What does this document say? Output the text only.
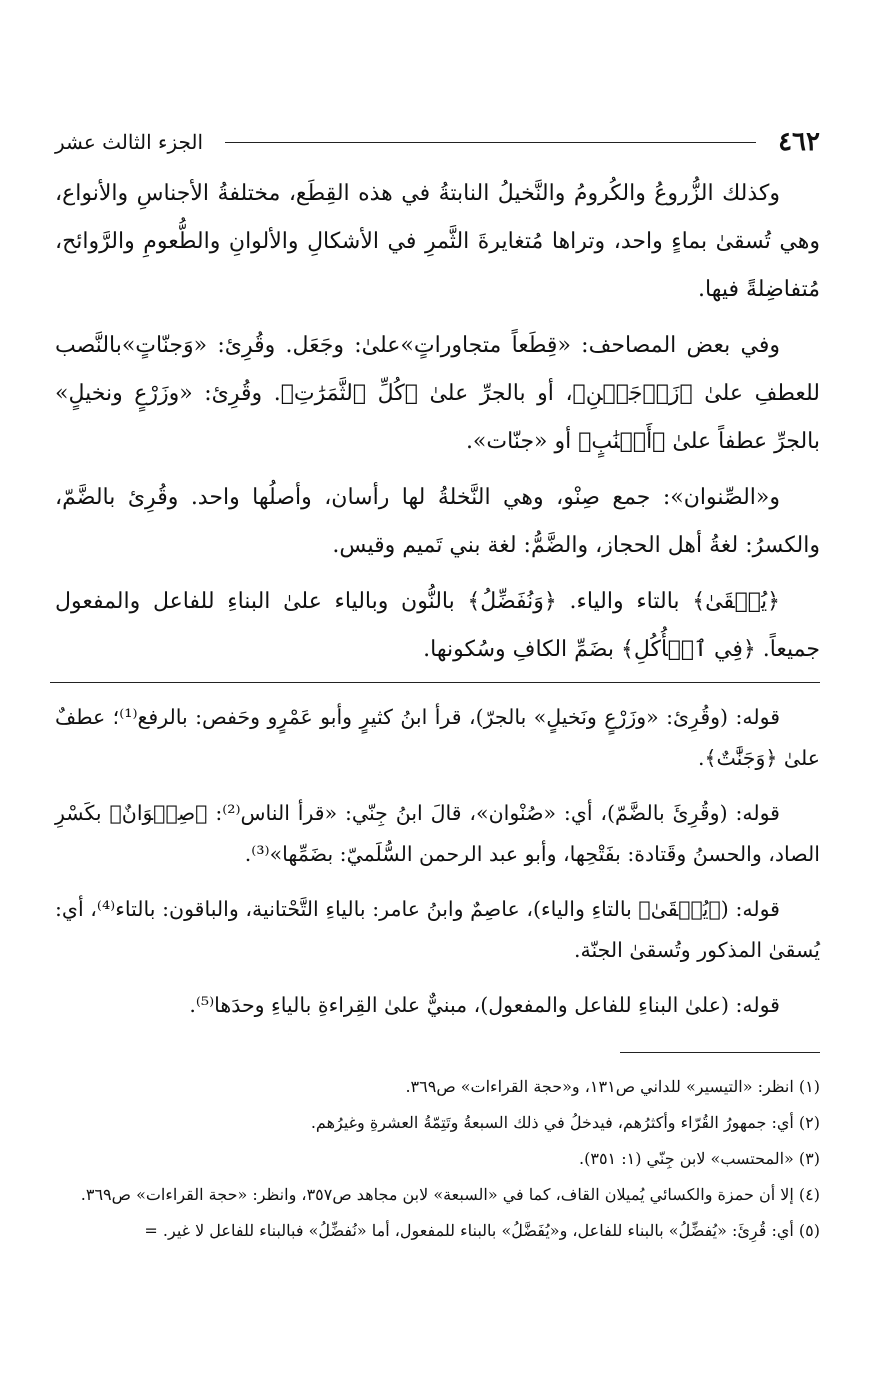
٤٦٢
الجزء الثالث عشر

وكذلك الزُّروعُ والكُرومُ والنَّخيلُ النابتةُ في هذه القِطَع، مختلفةُ الأجناسِ والأنواع، وهي تُسقىٰ بماءٍ واحد، وتراها مُتغايرةَ الثَّمرِ في الأشكالِ والألوانِ والطُّعومِ والرَّوائح، مُتفاضِلةً فيها.

وفي بعض المصاحف: «قِطَعاً متجاوراتٍ»علىٰ: وجَعَل. وقُرِئ: «وَجنّاتٍ»بالنَّصب للعطفِ علىٰ ﴿زَوۡجَيۡنِ﴾، أو بالجرِّ علىٰ ﴿كُلِّ ٱلثَّمَرَٰتِ﴾. وقُرِئ: «وزَرْعٍ ونخيلٍ» بالجرِّ عطفاً علىٰ ﴿أَعۡنَٰبٍ﴾ أو «جنّات».

و«الصِّنوان»: جمع صِنْو، وهي النَّخلةُ لها رأسان، وأصلُها واحد. وقُرِئ بالضَّمّ، والكسرُ: لغةُ أهل الحجاز، والضَّمُّ: لغة بني تَميم وقيس.

﴿يُسۡقَىٰ﴾ بالتاء والياء. ﴿وَنُفَضِّلُ﴾ بالنُّون وبالياء علىٰ البناءِ للفاعل والمفعول جميعاً. ﴿فِي ٱلۡأُكُلِ﴾ بضَمِّ الكافِ وسُكونها.

قوله: (وقُرِئ: «وزَرْعٍ ونَخيلٍ» بالجرّ)، قرأ ابنُ كثيرٍ وأبو عَمْرٍو وحَفص: بالرفع⁽¹⁾؛ عطفٌ علىٰ ﴿وَجَنَّٰتٌ﴾.

قوله: (وقُرِئَ بالضَّمّ)، أي: «صُنْوان»، قالَ ابنُ جِنّي: «قرأ الناس⁽²⁾: ﴿صِنۡوَانٌ﴾ بكَسْرِ الصاد، والحسنُ وقَتادة: بفَتْحِها، وأبو عبد الرحمن السُّلَميّ: بضَمِّها»⁽³⁾.

قوله: (﴿يُسۡقَىٰ﴾ بالتاءِ والياء)، عاصِمٌ وابنُ عامر: بالياءِ التَّحْتانية، والباقون: بالتاء⁽⁴⁾، أي: يُسقىٰ المذكور وتُسقىٰ الجنّة.

قوله: (علىٰ البناءِ للفاعل والمفعول)، مبنيٌّ علىٰ القِراءةِ بالياءِ وحدَها⁽⁵⁾.

(١) انظر: «التيسير» للداني ص١٣١، و«حجة القراءات» ص٣٦٩.

(٢) أي: جمهورُ القُرّاء وأكثرُهم، فيدخلُ في ذلك السبعةُ وتَتِمّةُ العشرةِ وغيرُهم.

(٣) «المحتسب» لابن جِنّي (١: ٣٥١).

(٤) إلا أن حمزة والكسائي يُميلان القاف، كما في «السبعة» لابن مجاهد ص٣٥٧، وانظر: «حجة القراءات» ص٣٦٩.

(٥) أي: قُرِئَ: «يُفضِّلُ» بالبناء للفاعل، و«يُفَضَّلُ» بالبناء للمفعول، أما «نُفضِّلُ» فبالبناء للفاعل لا غير. =
